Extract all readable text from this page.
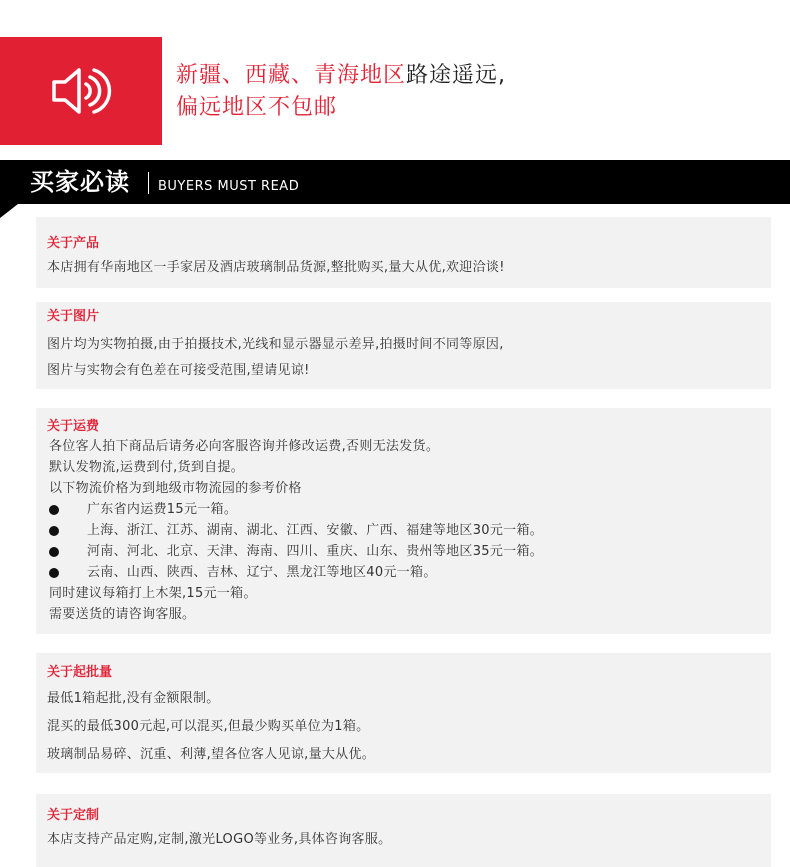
新疆、西藏、青海地区路途遥远,
偏远地区不包邮
买家必读 BUYERS MUST READ
关于产品
本店拥有华南地区一手家居及酒店玻璃制品货源,整批购买,量大从优,欢迎洽谈!
关于图片
图片均为实物拍摄,由于拍摄技术,光线和显示器显示差异,拍摄时间不同等原因,
图片与实物会有色差在可接受范围,望请见谅!
关于运费
各位客人拍下商品后请务必向客服咨询并修改运费,否则无法发货。
默认发物流,运费到付,货到自提。
以下物流价格为到地级市物流园的参考价格
广东省内运费15元一箱。
上海、浙江、江苏、湖南、湖北、江西、安徽、广西、福建等地区30元一箱。
河南、河北、北京、天津、海南、四川、重庆、山东、贵州等地区35元一箱。
云南、山西、陕西、吉林、辽宁、黑龙江等地区40元一箱。
同时建议每箱打上木架,15元一箱。
需要送货的请咨询客服。
关于起批量
最低1箱起批,没有金额限制。
混买的最低300元起,可以混买,但最少购买单位为1箱。
玻璃制品易碎、沉重、利薄,望各位客人见谅,量大从优。
关于定制
本店支持产品定购,定制,激光LOGO等业务,具体咨询客服。
